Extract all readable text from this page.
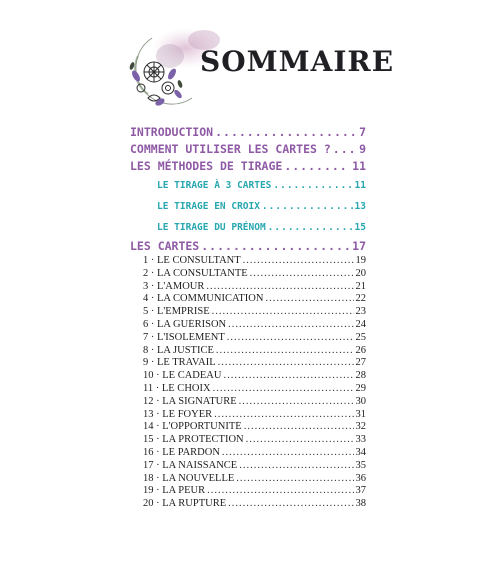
SOMMAIRE
INTRODUCTION .....	7
COMMENT UTILISER LES CARTES ? ..... 9
LES MÉTHODES DE TIRAGE .....	11
LE TIRAGE À 3 CARTES .....	11
LE TIRAGE EN CROIX .....	13
LE TIRAGE DU PRÉNOM .....	15
LES CARTES .....	17
1 · LE CONSULTANT .....	19
2 · LA CONSULTANTE .....	20
3 · L'AMOUR .....	21
4 · LA COMMUNICATION .....	22
5 · L'EMPRISE .....	23
6 · LA GUÉRISON .....	24
7 · L'ISOLEMENT .....	25
8 · LA JUSTICE .....	26
9 · LE TRAVAIL .....	27
10 · LE CADEAU .....	28
11 · LE CHOIX .....	29
12 · LA SIGNATURE .....	30
13 · LE FOYER .....	31
14 · L'OPPORTUNITÉ .....	32
15 · LA PROTECTION .....	33
16 · LE PARDON .....	34
17 · LA NAISSANCE .....	35
18 · LA NOUVELLE .....	36
19 · LA PEUR .....	37
20 · LA RUPTURE .....	38
